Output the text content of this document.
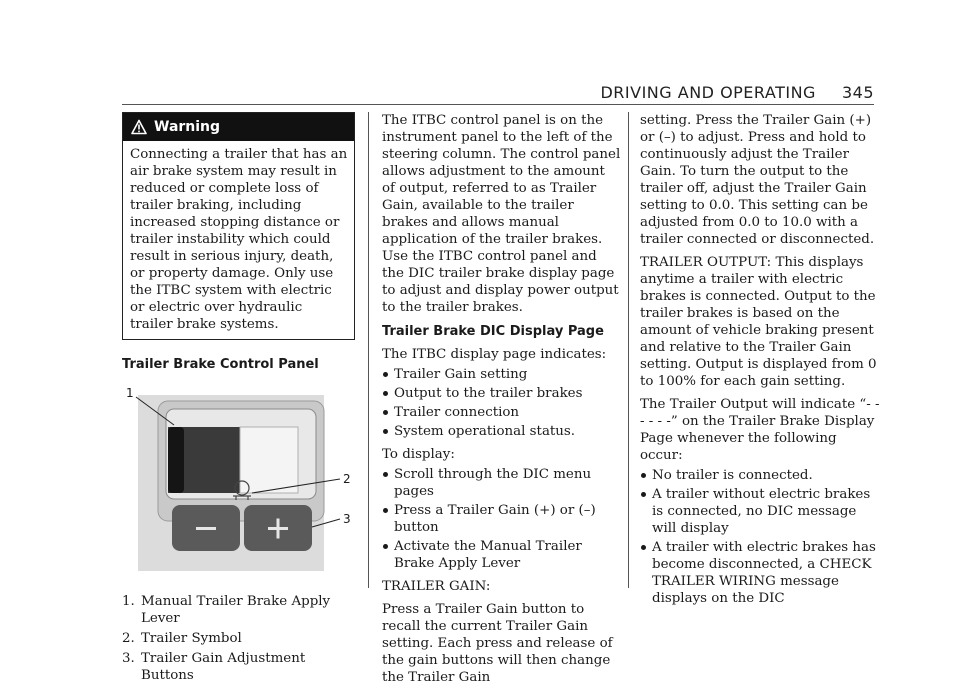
DRIVING AND OPERATING 345
Warning

Connecting a trailer that has an air brake system may result in reduced or complete loss of trailer braking, including increased stopping distance or trailer instability which could result in serious injury, death, or property damage. Only use the ITBC system with electric or electric over hydraulic trailer brake systems.

Trailer Brake Control Panel
1
2
3

1. Manual Trailer Brake Apply Lever

2. Trailer Symbol

3. Trailer Gain Adjustment Buttons

The ITBC control panel is on the instrument panel to the left of the steering column. The control panel allows adjustment to the amount of output, referred to as Trailer Gain, available to the trailer brakes and allows manual application of the trailer brakes. Use the ITBC control panel and the DIC trailer brake display page to adjust and display power output to the trailer brakes.

Trailer Brake DIC Display Page

The ITBC display page indicates:

Trailer Gain setting

Output to the trailer brakes

Trailer connection

System operational status.

To display:

Scroll through the DIC menu pages

Press a Trailer Gain (+) or (–) button

Activate the Manual Trailer Brake Apply Lever

TRAILER GAIN:

Press a Trailer Gain button to recall the current Trailer Gain setting. Each press and release of the gain buttons will then change the Trailer Gain

setting. Press the Trailer Gain (+) or (–) to adjust. Press and hold to continuously adjust the Trailer Gain. To turn the output to the trailer off, adjust the Trailer Gain setting to 0.0. This setting can be adjusted from 0.0 to 10.0 with a trailer connected or disconnected.

TRAILER OUTPUT: This displays anytime a trailer with electric brakes is connected. Output to the trailer brakes is based on the amount of vehicle braking present and relative to the Trailer Gain setting. Output is displayed from 0 to 100% for each gain setting.

The Trailer Output will indicate “- - - - - -” on the Trailer Brake Display Page whenever the following occur:

No trailer is connected.

A trailer without electric brakes is connected, no DIC message will display

A trailer with electric brakes has become disconnected, a CHECK TRAILER WIRING message displays on the DIC
